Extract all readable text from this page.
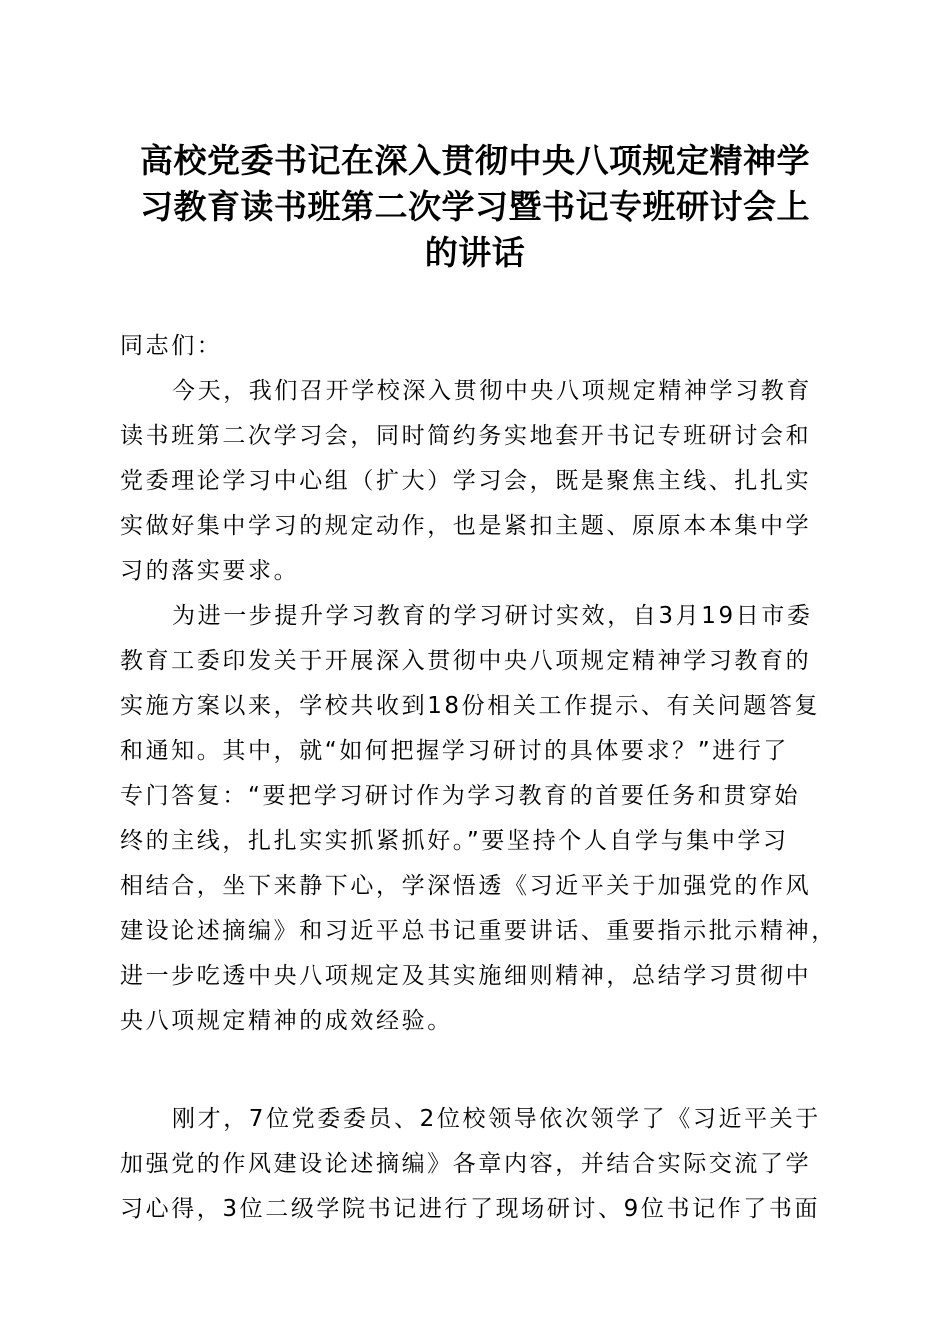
高校党委书记在深入贯彻中央八项规定精神学
习教育读书班第二次学习暨书记专班研讨会上
的讲话
同志们：
今天，我们召开学校深入贯彻中央八项规定精神学习教育
读书班第二次学习会，同时简约务实地套开书记专班研讨会和
党委理论学习中心组（扩大）学习会，既是聚焦主线、扎扎实
实做好集中学习的规定动作，也是紧扣主题、原原本本集中学
习的落实要求。
为进一步提升学习教育的学习研讨实效，自3月19日市委
教育工委印发关于开展深入贯彻中央八项规定精神学习教育的
实施方案以来，学校共收到18份相关工作提示、有关问题答复
和通知。其中，就“如何把握学习研讨的具体要求？”进行了
专门答复：“要把学习研讨作为学习教育的首要任务和贯穿始
终的主线，扎扎实实抓紧抓好。”要坚持个人自学与集中学习
相结合，坐下来静下心，学深悟透《习近平关于加强党的作风
建设论述摘编》和习近平总书记重要讲话、重要指示批示精神，
进一步吃透中央八项规定及其实施细则精神，总结学习贯彻中
央八项规定精神的成效经验。
刚才，7位党委委员、2位校领导依次领学了《习近平关于
加强党的作风建设论述摘编》各章内容，并结合实际交流了学
习心得，3位二级学院书记进行了现场研讨、9位书记作了书面
